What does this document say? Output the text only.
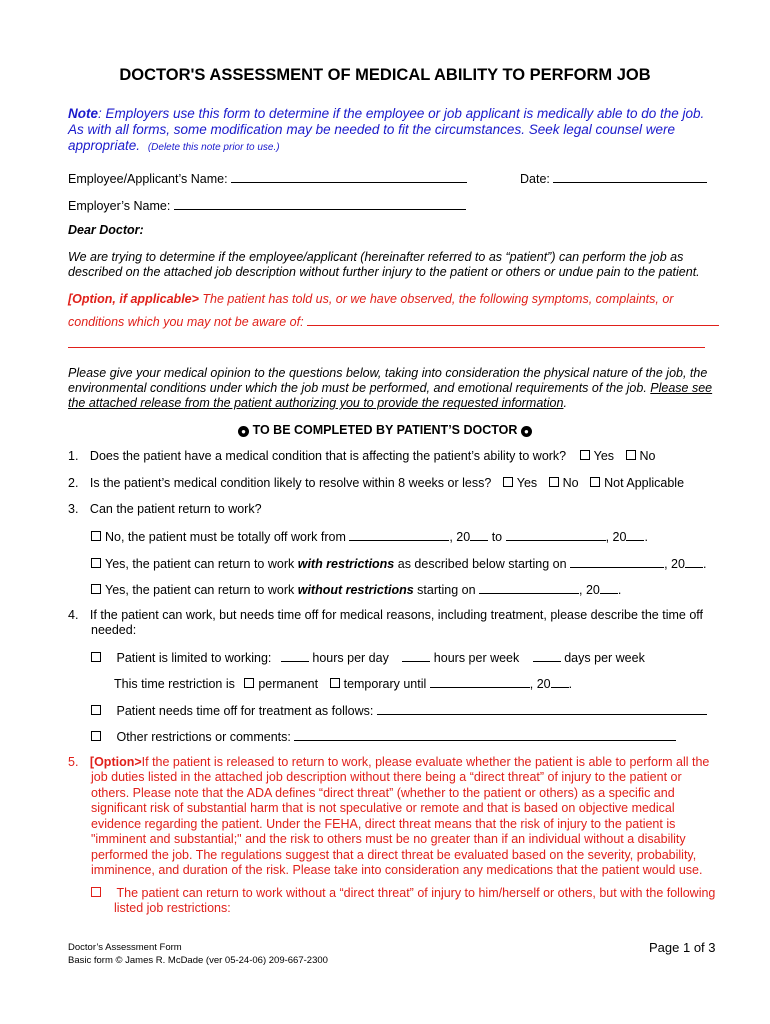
DOCTOR'S ASSESSMENT OF MEDICAL ABILITY TO PERFORM JOB
Note: Employers use this form to determine if the employee or job applicant is medically able to do the job.
As with all forms, some modification may be needed to fit the circumstances. Seek legal counsel were
appropriate. (Delete this note prior to use.)
Employee/Applicant’s Name:	Date:
Employer’s Name:
Dear Doctor:
We are trying to determine if the employee/applicant (hereinafter referred to as “patient”) can perform the job as
described on the attached job description without further injury to the patient or others or undue pain to the patient.
[Option, if applicable> The patient has told us, or we have observed, the following symptoms, complaints, or
conditions which you may not be aware of:
Please give your medical opinion to the questions below, taking into consideration the physical nature of the job, the
environmental conditions under which the job must be performed, and emotional requirements of the job. Please see
the attached release from the patient authorizing you to provide the requested information.
● TO BE COMPLETED BY PATIENT’S DOCTOR ●
1. Does the patient have a medical condition that is affecting the patient’s ability to work? Yes No
2. Is the patient’s medical condition likely to resolve within 8 weeks or less? Yes No Not Applicable
3. Can the patient return to work?
No, the patient must be totally off work from	, 20 to	, 20 .
Yes, the patient can return to work with restrictions as described below starting on	, 20 .
Yes, the patient can return to work without restrictions starting on	, 20 .
4. If the patient can work, but needs time off for medical reasons, including treatment, please describe the time off
needed:
Patient is limited to working:	hours per day	hours per week	days per week
This time restriction is permanent temporary until	, 20 .
Patient needs time off for treatment as follows:
Other restrictions or comments:
5. [Option>If the patient is released to return to work, please evaluate whether the patient is able to perform all the
job duties listed in the attached job description without there being a “direct threat” of injury to the patient or
others. Please note that the ADA defines “direct threat” (whether to the patient or others) as a specific and
significant risk of substantial harm that is not speculative or remote and that is based on objective medical
evidence regarding the patient. Under the FEHA, direct threat means that the risk of injury to the patient is
"imminent and substantial;" and the risk to others must be no greater than if an individual without a disability
performed the job. The regulations suggest that a direct threat be evaluated based on the severity, probability,
imminence, and duration of the risk. Please take into consideration any medications that the patient would use.
The patient can return to work without a “direct threat” of injury to him/herself or others, but with the following
listed job restrictions:
Doctor’s Assessment Form
Basic form © James R. McDade (ver 05-24-06) 209-667-2300
Page 1 of 3
